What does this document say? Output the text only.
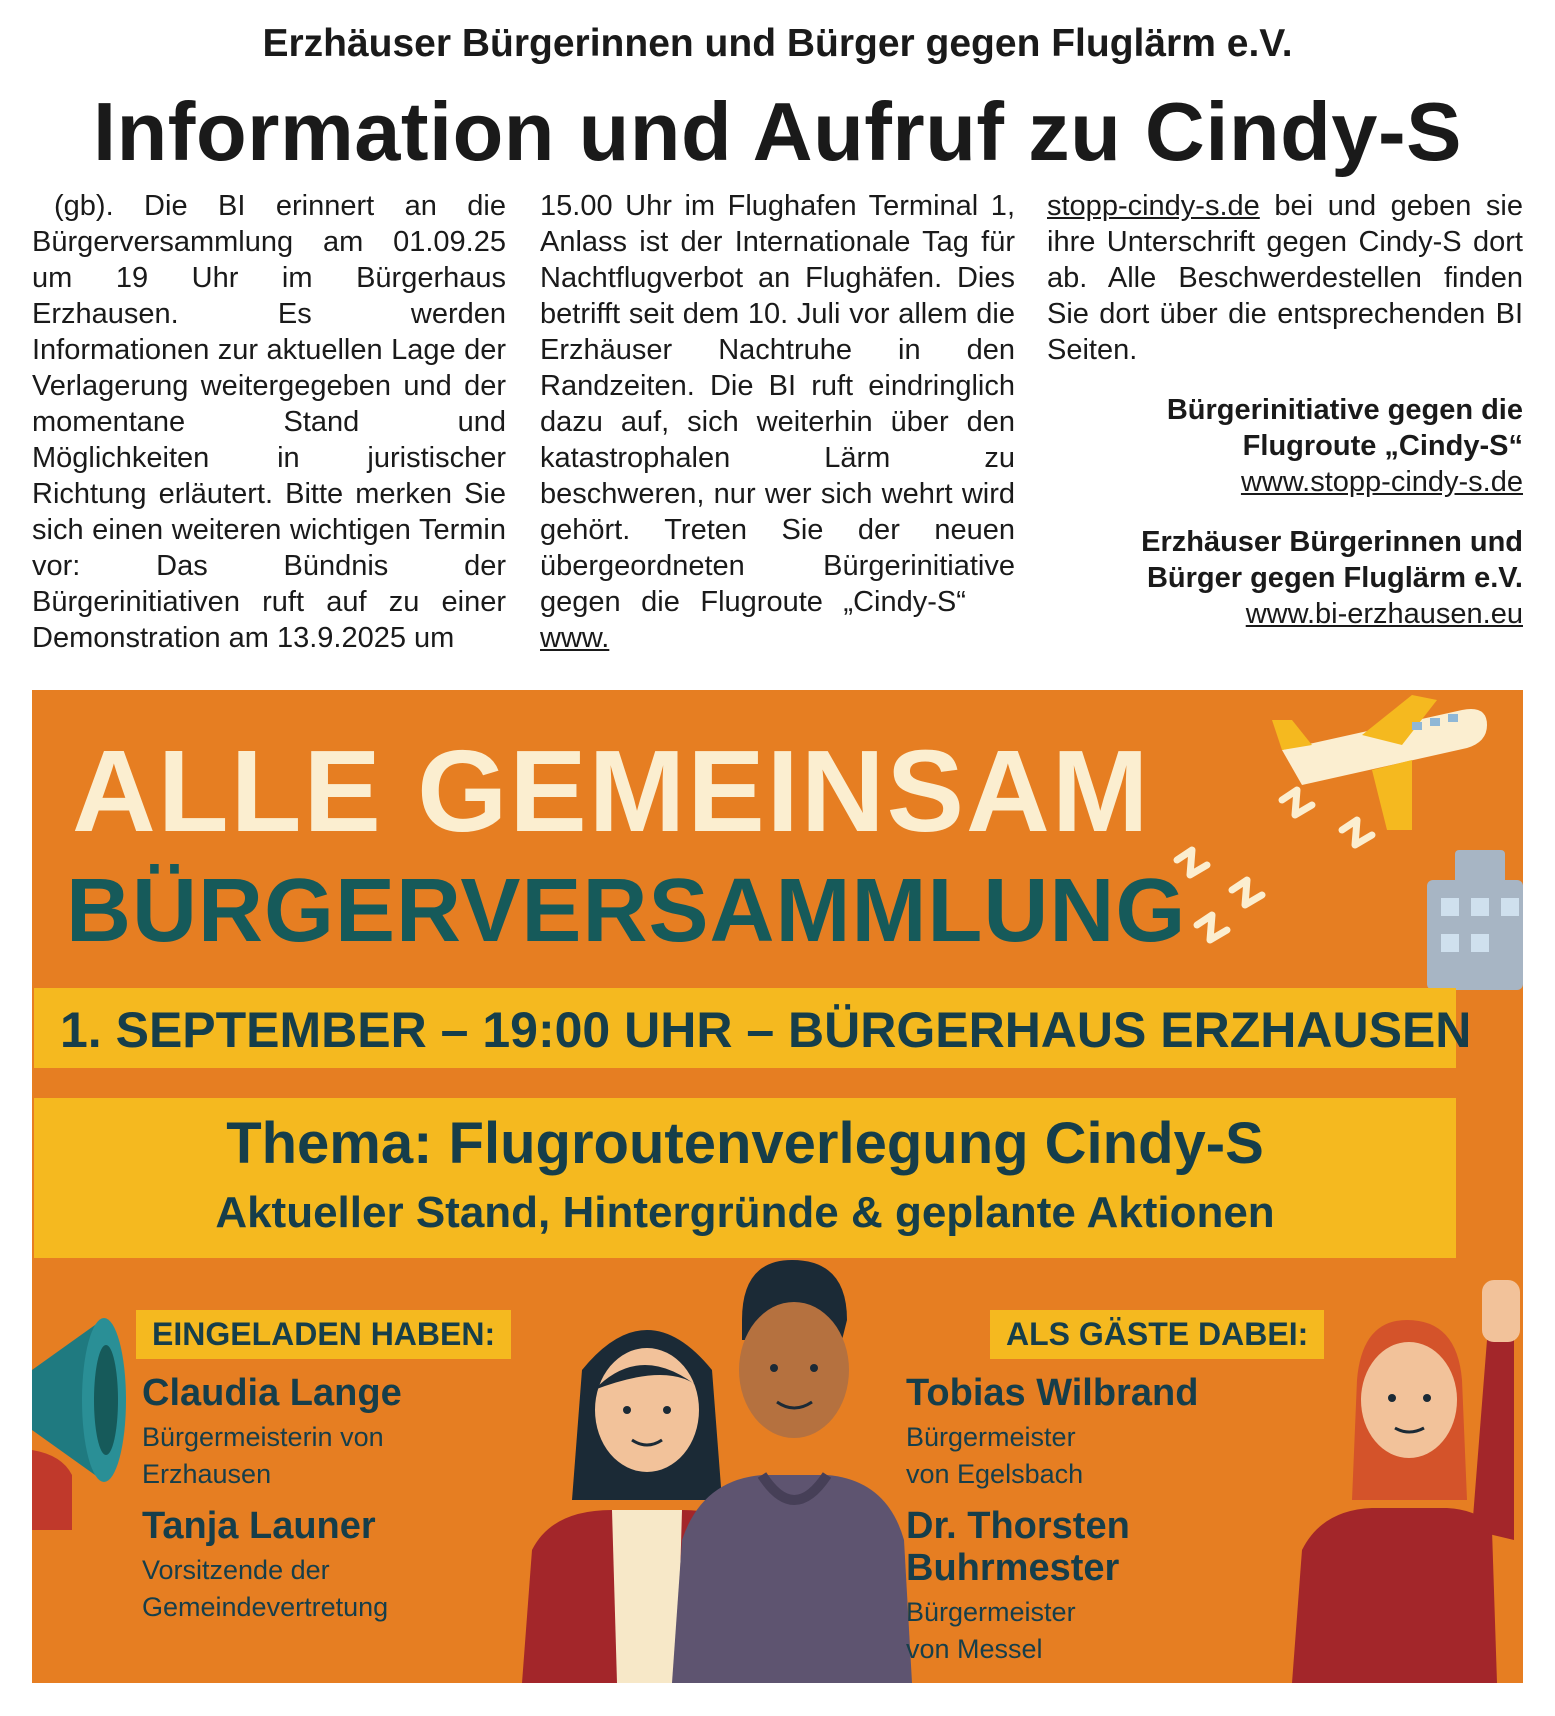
Erzhäuser Bürgerinnen und Bürger gegen Fluglärm e.V.
Information und Aufruf zu Cindy-S

(gb). Die BI erinnert an die Bürgerversammlung am 01.09.25 um 19 Uhr im Bürgerhaus Erzhausen. Es werden Informationen zur aktuellen Lage der Verlagerung weitergegeben und der momentane Stand und Möglichkeiten in juristischer Richtung erläutert. Bitte merken Sie sich einen weiteren wichtigen Termin vor: Das Bündnis der Bürgerinitiativen ruft auf zu einer Demonstration am 13.9.2025 um

15.00 Uhr im Flughafen Terminal 1, Anlass ist der Internationale Tag für Nachtflugverbot an Flughäfen. Dies betrifft seit dem 10. Juli vor allem die Erzhäuser Nachtruhe in den Randzeiten. Die BI ruft eindringlich dazu auf, sich weiterhin über den katastrophalen Lärm zu beschweren, nur wer sich wehrt wird gehört. Treten Sie der neuen übergeordneten Bürgerinitiative gegen die Flugroute „Cindy-S“    www.

stopp-cindy-s.de bei und geben sie ihre Unterschrift gegen Cindy-S dort ab. Alle Beschwerdestellen finden Sie dort über die entsprechenden BI Seiten.

Bürgerinitiative gegen die
Flugroute „Cindy-S“
www.stopp-cindy-s.de
Erzhäuser Bürgerinnen und
Bürger gegen Fluglärm e.V.
www.bi-erzhausen.eu
ALLE GEMEINSAM
BÜRGERVERSAMMLUNG
1. SEPTEMBER – 19:00 UHR – BÜRGERHAUS ERZHAUSEN
Thema: Flugroutenverlegung Cindy-S
Aktueller Stand, Hintergründe & geplante Aktionen
EINGELADEN HABEN:
Claudia Lange
Bürgermeisterin von
Erzhausen
Tanja Launer
Vorsitzende der
Gemeindevertretung
ALS GÄSTE DABEI:
Tobias Wilbrand
Bürgermeister
von Egelsbach
Dr. Thorsten
Buhrmester
Bürgermeister
von Messel
